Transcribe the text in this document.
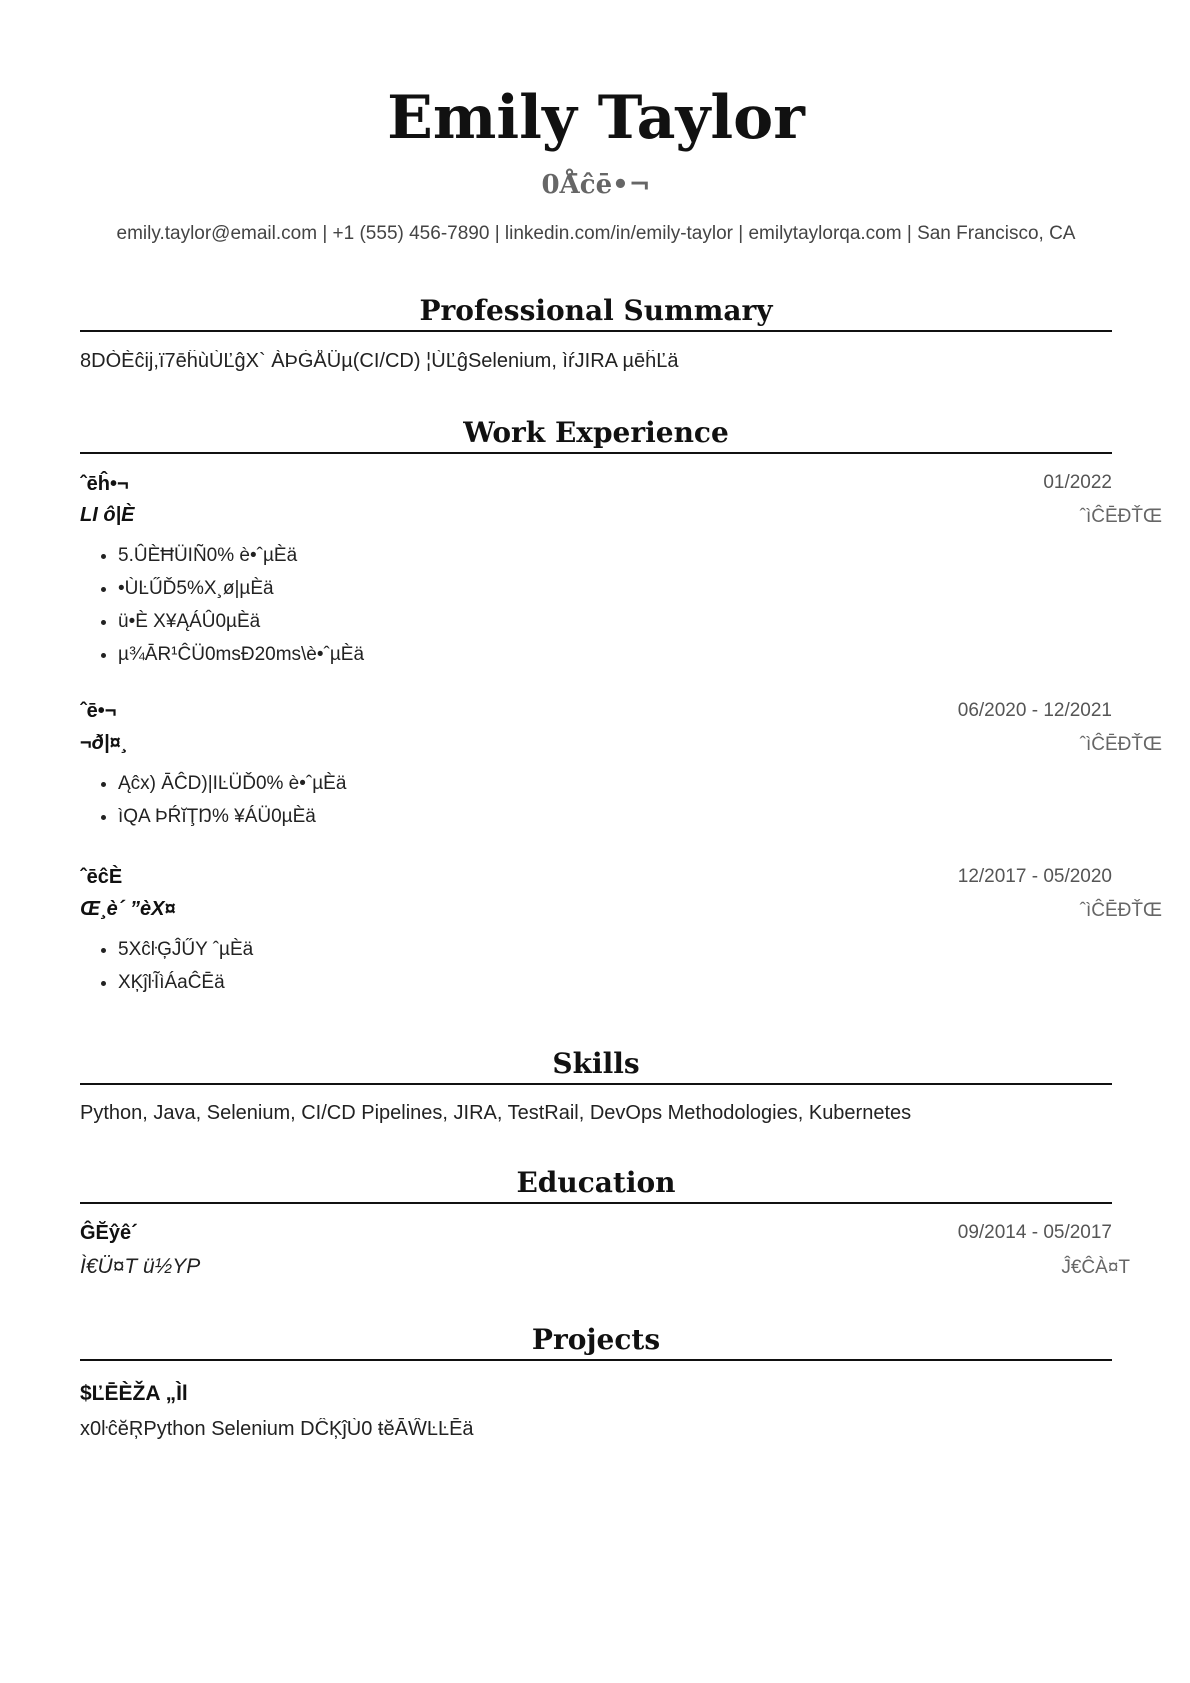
Emily Taylor
0Å̄ĉē•¬
emily.taylor@email.com | +1 (555) 456-7890 | linkedin.com/in/emily-taylor | emilytaylorqa.com | San Francisco, CA
Professional Summary
8DÒÈĉĳ,ï7ēĥùÙĽĝX` ÀÞĠÅÜµ(CI/CD) ¦ÙĽĝSelenium, ìŕJIRA µēĥĽä
Work Experience
ˆēĥ•¬	01/2022
LI ô|È	ˆìĈĒĐŤŒ
• 5.ÛÈĦÜIÑ0% è•ˆµÈä
• •ÙĿŰĎ5%X¸ø|µÈä
• ü•È X¥ĄÁÛ0µÈä
• µ¾ĀR¹ĈÜ0msĐ20ms\è•ˆµÈä
ˆē•¬	06/2020 - 12/2021
¬ð|¤¸	ˆìĈĒĐŤŒ
• Ąĉx) ĀĈD)|IĿÜĎ0% è•ˆµÈä
• ìQA ÞŔĭŢŊ% ¥ÁÜ0µÈä
ˆēĉÈ	12/2017 - 05/2020
Œ¸è´ ”èX¤	ˆìĈĒĐŤŒ
• 5XĉŀĢĴŰY ˆµÈä
• XĶĵŀĨìÁaĈĒä
Skills
Python, Java, Selenium, CI/CD Pipelines, JIRA, TestRail, DevOps Methodologies, Kubernetes
Education
ĜĔŷê´	09/2014 - 05/2017
Ì€Ü¤T ü½YP	Ĵ€ĈÀ¤T
Projects
$ĽĒÈŽA „Ìl
x0ŀĉĕŖPython Selenium DĈĶĵÙ0 ŧĕĀŴĿĿĒä
